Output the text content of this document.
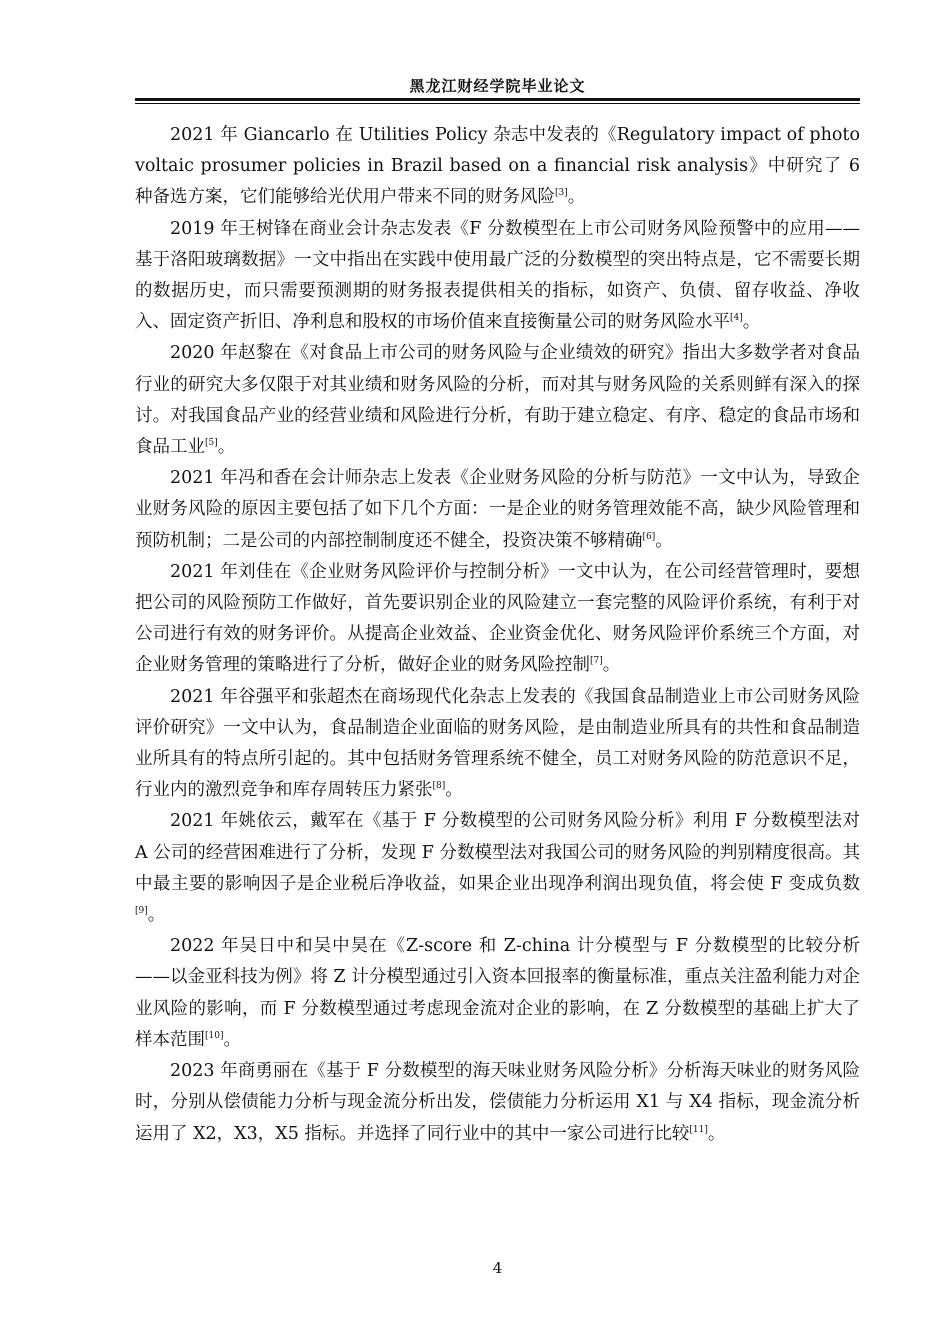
黑龙江财经学院毕业论文

2021 年 Giancarlo 在 Utilities Policy 杂志中发表的《Regulatory impact of photo voltaic prosumer policies in Brazil based on a financial risk analysis》中研究了 6 种备选方案，它们能够给光伏用户带来不同的财务风险[3]。

2019 年王树锋在商业会计杂志发表《F 分数模型在上市公司财务风险预警中的应用——基于洛阳玻璃数据》一文中指出在实践中使用最广泛的分数模型的突出特点是，它不需要长期的数据历史，而只需要预测期的财务报表提供相关的指标，如资产、负债、留存收益、净收入、固定资产折旧、净利息和股权的市场价值来直接衡量公司的财务风险水平[4]。

2020 年赵黎在《对食品上市公司的财务风险与企业绩效的研究》指出大多数学者对食品行业的研究大多仅限于对其业绩和财务风险的分析，而对其与财务风险的关系则鲜有深入的探讨。对我国食品产业的经营业绩和风险进行分析，有助于建立稳定、有序、稳定的食品市场和食品工业[5]。

2021 年冯和香在会计师杂志上发表《企业财务风险的分析与防范》一文中认为，导致企业财务风险的原因主要包括了如下几个方面：一是企业的财务管理效能不高，缺少风险管理和预防机制；二是公司的内部控制制度还不健全，投资决策不够精确[6]。

2021 年刘佳在《企业财务风险评价与控制分析》一文中认为，在公司经营管理时，要想把公司的风险预防工作做好，首先要识别企业的风险建立一套完整的风险评价系统，有利于对公司进行有效的财务评价。从提高企业效益、企业资金优化、财务风险评价系统三个方面，对企业财务管理的策略进行了分析，做好企业的财务风险控制[7]。

2021 年谷强平和张超杰在商场现代化杂志上发表的《我国食品制造业上市公司财务风险评价研究》一文中认为，食品制造企业面临的财务风险，是由制造业所具有的共性和食品制造业所具有的特点所引起的。其中包括财务管理系统不健全，员工对财务风险的防范意识不足，行业内的激烈竞争和库存周转压力紧张[8]。

2021 年姚依云，戴军在《基于 F 分数模型的公司财务风险分析》利用 F 分数模型法对 A 公司的经营困难进行了分析，发现 F 分数模型法对我国公司的财务风险的判别精度很高。其中最主要的影响因子是企业税后净收益，如果企业出现净利润出现负值，将会使 F 变成负数[9]。

2022 年吴日中和吴中昊在《Z-score 和 Z-china 计分模型与 F 分数模型的比较分析——以金亚科技为例》将 Z 计分模型通过引入资本回报率的衡量标准，重点关注盈利能力对企业风险的影响，而 F 分数模型通过考虑现金流对企业的影响，在 Z 分数模型的基础上扩大了样本范围[10]。

2023 年商勇丽在《基于 F 分数模型的海天味业财务风险分析》分析海天味业的财务风险时，分别从偿债能力分析与现金流分析出发，偿债能力分析运用 X1 与 X4 指标，现金流分析运用了 X2，X3，X5 指标。并选择了同行业中的其中一家公司进行比较[11]。

4
